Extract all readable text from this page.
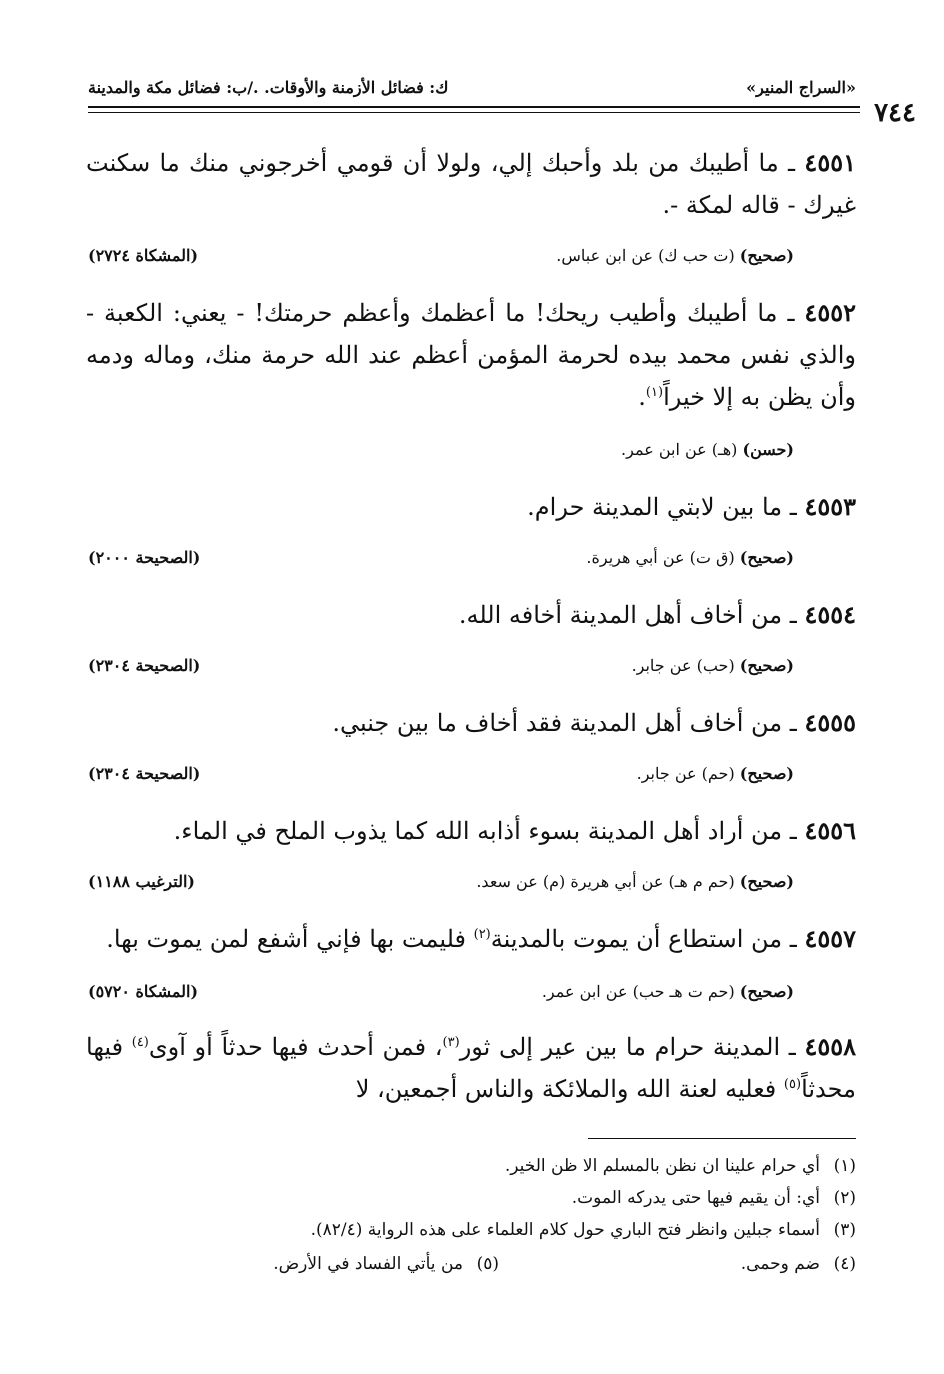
«السراج المنير»
ك: فضائل الأزمنة والأوقات. ./ب: فضائل مكة والمدينة
٧٤٤
٤٥٥١ ـ ما أطيبك من بلد وأحبك إلي، ولولا أن قومي أخرجوني منك ما سكنت غيرك - قاله لمكة -.
(صحيح) (ت حب ك) عن ابن عباس.
(المشكاة ٢٧٢٤)
٤٥٥٢ ـ ما أطيبك وأطيب ريحك! ما أعظمك وأعظم حرمتك! - يعني: الكعبة - والذي نفس محمد بيده لحرمة المؤمن أعظم عند الله حرمة منك، وماله ودمه وأن يظن به إلا خيراً$^{(١)}$.
(حسن) (هـ) عن ابن عمر.
٤٥٥٣ ـ ما بين لابتي المدينة حرام.
(صحيح) (ق ت) عن أبي هريرة.
(الصحيحة ٢٠٠٠)
٤٥٥٤ ـ من أخاف أهل المدينة أخافه الله.
(صحيح) (حب) عن جابر.
(الصحيحة ٢٣٠٤)
٤٥٥٥ ـ من أخاف أهل المدينة فقد أخاف ما بين جنبي.
(صحيح) (حم) عن جابر.
(الصحيحة ٢٣٠٤)
٤٥٥٦ ـ من أراد أهل المدينة بسوء أذابه الله كما يذوب الملح في الماء.
(صحيح) (حم م هـ) عن أبي هريرة (م) عن سعد.
(الترغيب ١١٨٨)
٤٥٥٧ ـ من استطاع أن يموت بالمدينة$^{(٢)}$ فليمت بها فإني أشفع لمن يموت بها.
(صحيح) (حم ت هـ حب) عن ابن عمر.
(المشكاة ٥٧٢٠)
٤٥٥٨ ـ المدينة حرام ما بين عير إلى ثور$^{(٣)}$، فمن أحدث فيها حدثاً أو آوى$^{(٤)}$ فيها محدثاً$^{(٥)}$ فعليه لعنة الله والملائكة والناس أجمعين، لا
(١)أي حرام علينا ان نظن بالمسلم الا ظن الخير.
(٢)أي: أن يقيم فيها حتى يدركه الموت.
(٣)أسماء جبلين وانظر فتح الباري حول كلام العلماء على هذه الرواية (٨٢/٤).
(٤)ضم وحمى.
(٥)من يأتي الفساد في الأرض.
